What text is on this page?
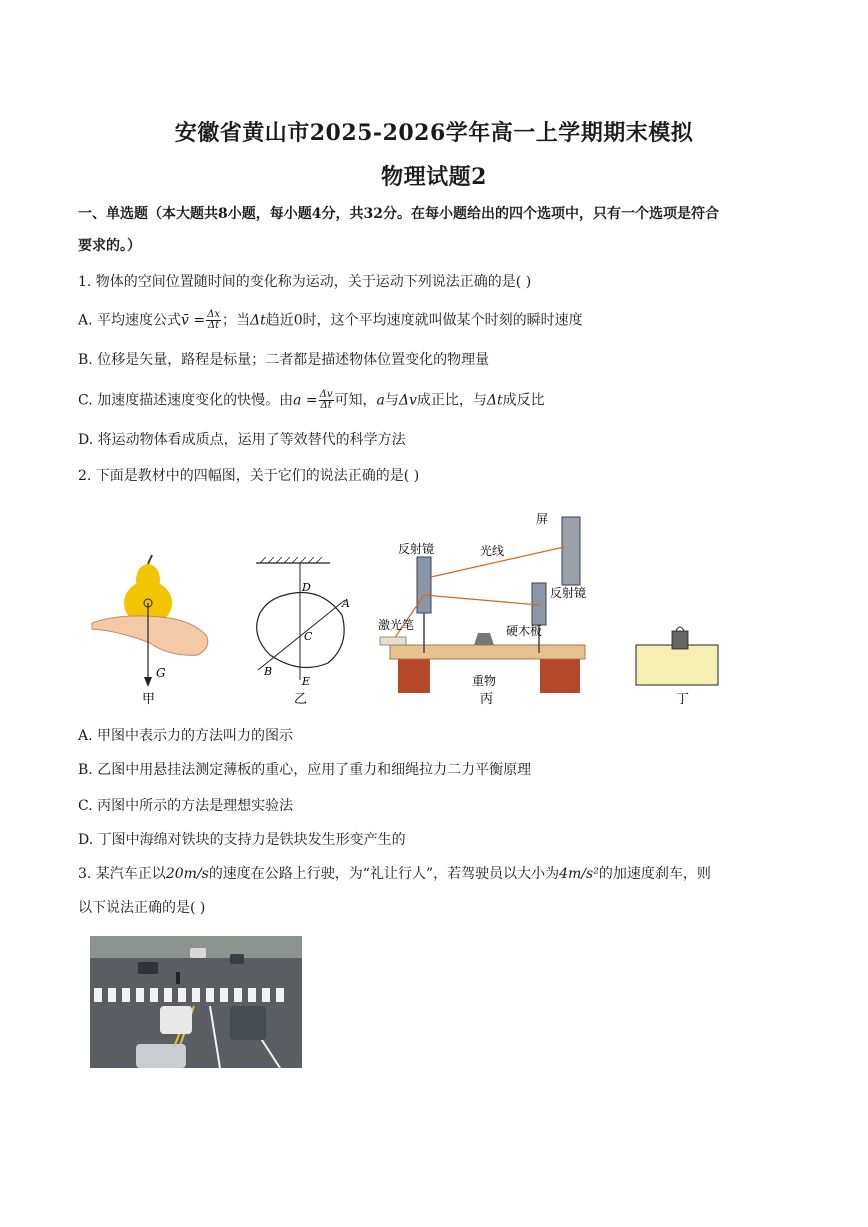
安徽省黄山市2025-2026学年高一上学期期末模拟
物理试题2
一、单选题（本大题共8小题，每小题4分，共32分。在每小题给出的四个选项中，只有一个选项是符合
要求的。）
1. 物体的空间位置随时间的变化称为运动，关于运动下列说法正确的是( )
A. 平均速度公式v̄ = $\frac{\Delta x}{\Delta t}$ ；当Δt趋近0时，这个平均速度就叫做某个时刻的瞬时速度
B. 位移是矢量，路程是标量；二者都是描述物体位置变化的物理量
C. 加速度描述速度变化的快慢。由$a = \frac{\Delta v}{\Delta t}$ 可知，a与Δv成正比，与Δt成反比
D. 将运动物体看成质点，运用了等效替代的科学方法
2. 下面是教材中的四幅图，关于它们的说法正确的是( )
G
D
A
C
B
E
屏
反射镜	光线
反射镜
激光笔	硬木板
重物
甲	乙	丙	丁
A. 甲图中表示力的方法叫力的图示
B. 乙图中用悬挂法测定薄板的重心，应用了重力和细绳拉力二力平衡原理
C. 丙图中所示的方法是理想实验法
D. 丁图中海绵对铁块的支持力是铁块发生形变产生的
3. 某汽车正以20m/s的速度在公路上行驶，为“礼让行人”，若驾驶员以大小为4m/s²的加速度刹车，则
以下说法正确的是( )
